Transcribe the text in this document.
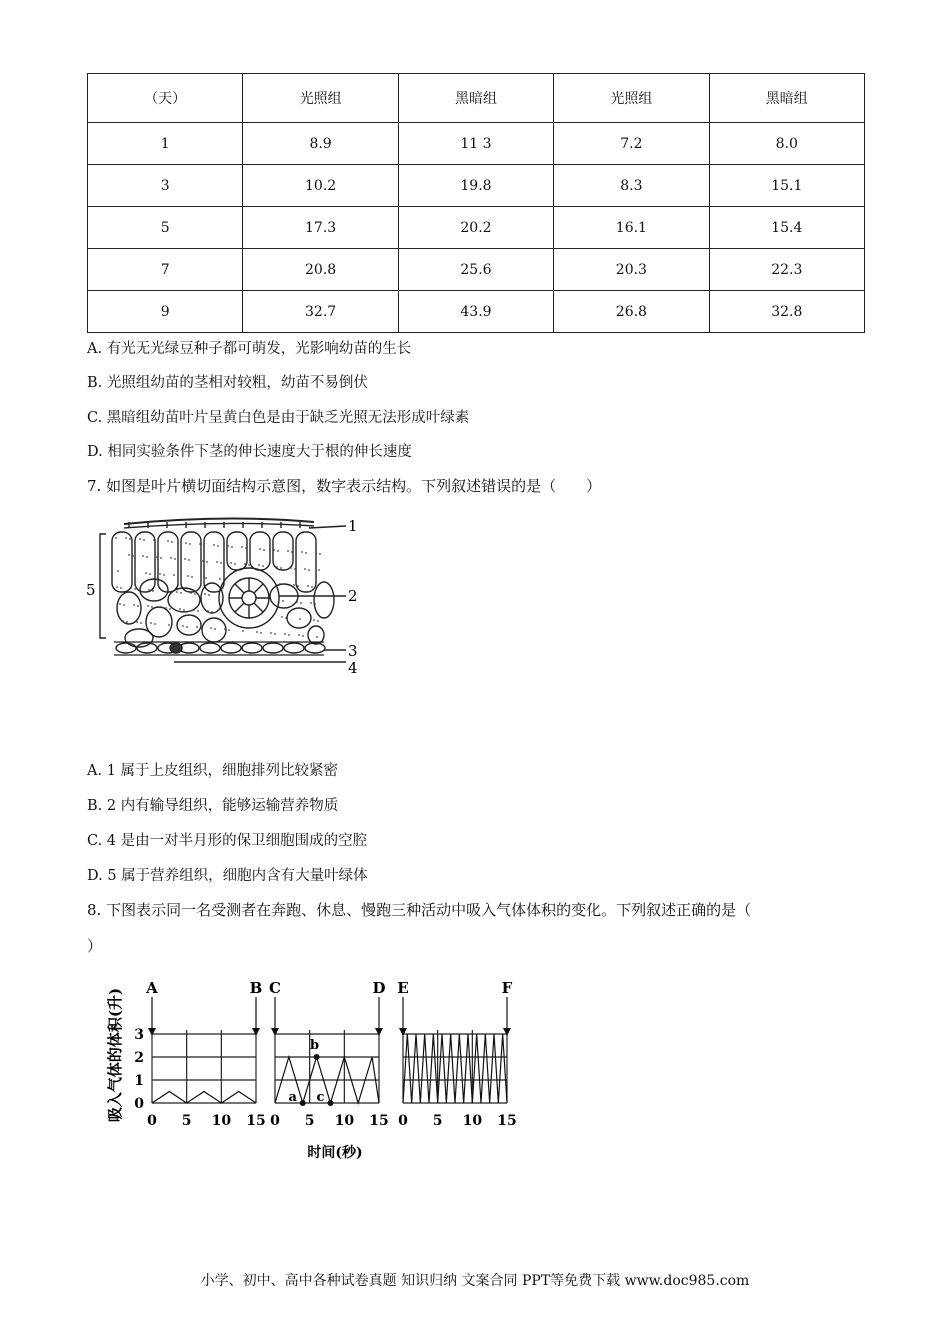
（天）	光照组	黑暗组	光照组	黑暗组
1	8.9	11 3	7.2	8.0
3	10.2	19.8	8.3	15.1
5	17.3	20.2	16.1	15.4
7	20.8	25.6	20.3	22.3
9	32.7	43.9	26.8	32.8
A. 有光无光绿豆种子都可萌发，光影响幼苗的生长
B. 光照组幼苗的茎相对较粗，幼苗不易倒伏
C. 黑暗组幼苗叶片呈黄白色是由于缺乏光照无法形成叶绿素
D. 相同实验条件下茎的伸长速度大于根的伸长速度
7. 如图是叶片横切面结构示意图，数字表示结构。下列叙述错误的是（　　）
1
2
3
4
5
A. 1 属于上皮组织，细胞排列比较紧密
B. 2 内有输导组织，能够运输营养物质
C. 4 是由一对半月形的保卫细胞围成的空腔
D. 5 属于营养组织，细胞内含有大量叶绿体
8. 下图表示同一名受测者在奔跑、休息、慢跑三种活动中吸入气体体积的变化。下列叙述正确的是（
）
吸入气体的体积(升)
时间(秒)
0 5 10 15 0 5 10 15 0 5 10 15
0
1
2
3
A	B C	D E	F
a
b
c
小学、初中、高中各种试卷真题 知识归纳 文案合同 PPT等免费下载 www.doc985.com
